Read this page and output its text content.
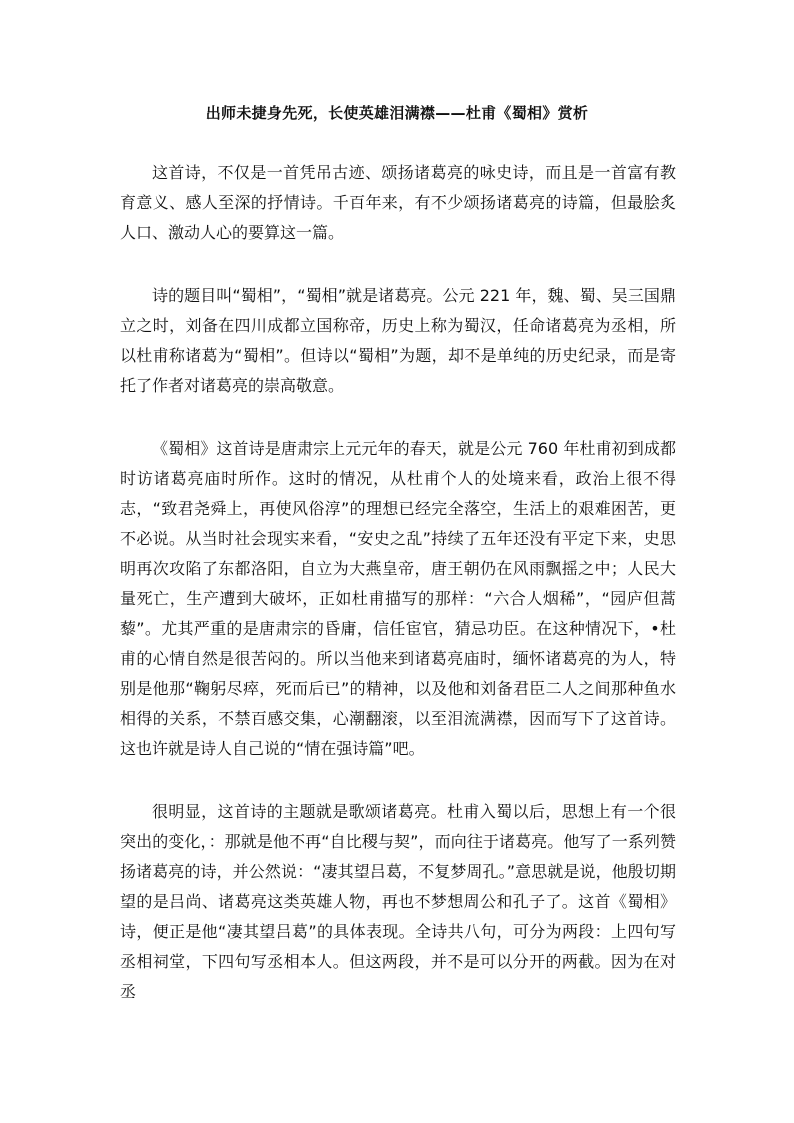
出师未捷身先死，长使英雄泪满襟——杜甫《蜀相》赏析

这首诗，不仅是一首凭吊古迹、颂扬诸葛亮的咏史诗，而且是一首富有教育意义、感人至深的抒情诗。千百年来，有不少颂扬诸葛亮的诗篇，但最脍炙人口、激动人心的要算这一篇。

诗的题目叫“蜀相”，“蜀相”就是诸葛亮。公元 221 年，魏、蜀、吴三国鼎立之时，刘备在四川成都立国称帝，历史上称为蜀汉，任命诸葛亮为丞相，所以杜甫称诸葛为“蜀相”。但诗以“蜀相”为题，却不是单纯的历史纪录，而是寄托了作者对诸葛亮的崇高敬意。

《蜀相》这首诗是唐肃宗上元元年的春天，就是公元 760 年杜甫初到成都时访诸葛亮庙时所作。这时的情况，从杜甫个人的处境来看，政治上很不得志，“致君尧舜上，再使风俗淳”的理想已经完全落空，生活上的艰难困苦，更不必说。从当时社会现实来看，“安史之乱”持续了五年还没有平定下来，史思明再次攻陷了东都洛阳，自立为大燕皇帝，唐王朝仍在风雨飘摇之中；人民大量死亡，生产遭到大破坏，正如杜甫描写的那样：“六合人烟稀”，“园庐但蒿藜”。尤其严重的是唐肃宗的昏庸，信任宦官，猜忌功臣。在这种情况下，•杜甫的心情自然是很苦闷的。所以当他来到诸葛亮庙时，缅怀诸葛亮的为人，特别是他那“鞠躬尽瘁，死而后已”的精神，以及他和刘备君臣二人之间那种鱼水相得的关系，不禁百感交集，心潮翻滚，以至泪流满襟，因而写下了这首诗。这也许就是诗人自己说的“情在强诗篇”吧。

很明显，这首诗的主题就是歌颂诸葛亮。杜甫入蜀以后，思想上有一个很突出的变化，：那就是他不再“自比稷与契”，而向往于诸葛亮。他写了一系列赞扬诸葛亮的诗，并公然说：“凄其望吕葛，不复梦周孔。”意思就是说，他殷切期望的是吕尚、诸葛亮这类英雄人物，再也不梦想周公和孔子了。这首《蜀相》诗，便正是他“凄其望吕葛”的具体表现。全诗共八句，可分为两段：上四句写丞相祠堂，下四句写丞相本人。但这两段，并不是可以分开的两截。因为在对丞
